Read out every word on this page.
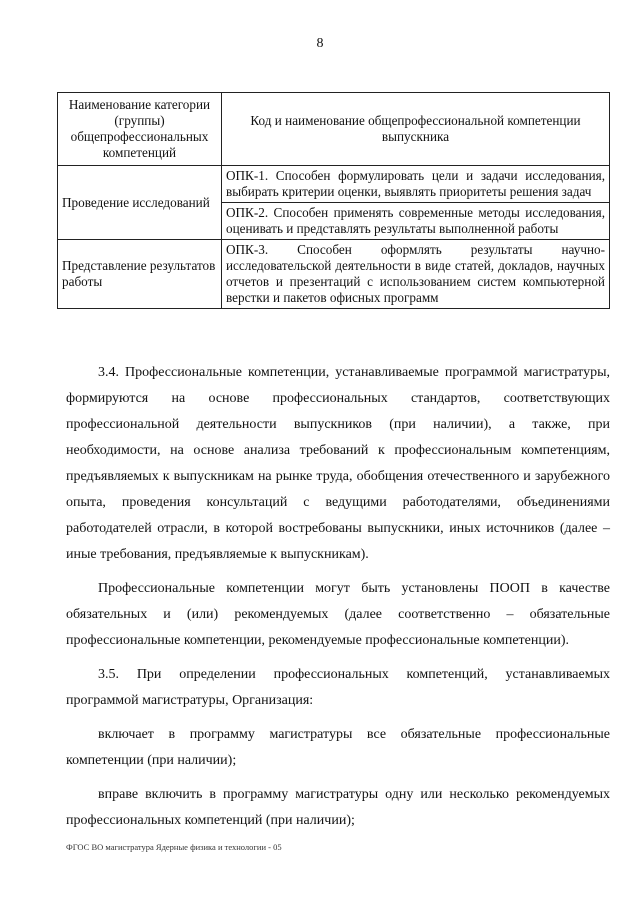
8
Наименование категории (группы) общепрофессиональных компетенций	Код и наименование общепрофессиональной компетенции выпускника
Проведение исследований	ОПК-1. Способен формулировать цели и задачи исследования, выбирать критерии оценки, выявлять приоритеты решения задач
	ОПК-2. Способен применять современные методы исследования, оценивать и представлять результаты выполненной работы
Представление результатов работы	ОПК-3. Способен оформлять результаты научно-исследовательской деятельности в виде статей, докладов, научных отчетов и презентаций с использованием систем компьютерной верстки и пакетов офисных программ

3.4. Профессиональные компетенции, устанавливаемые программой магистратуры, формируются на основе профессиональных стандартов, соответствующих профессиональной деятельности выпускников (при наличии), а также, при необходимости, на основе анализа требований к профессиональным компетенциям, предъявляемых к выпускникам на рынке труда, обобщения отечественного и зарубежного опыта, проведения консультаций с ведущими работодателями, объединениями работодателей отрасли, в которой востребованы выпускники, иных источников (далее – иные требования, предъявляемые к выпускникам).

Профессиональные компетенции могут быть установлены ПООП в качестве обязательных и (или) рекомендуемых (далее соответственно – обязательные профессиональные компетенции, рекомендуемые профессиональные компетенции).

3.5. При определении профессиональных компетенций, устанавливаемых программой магистратуры, Организация:

включает в программу магистратуры все обязательные профессиональные компетенции (при наличии);

вправе включить в программу магистратуры одну или несколько рекомендуемых профессиональных компетенций (при наличии);

ФГОС ВО магистратура Ядерные физика и технологии - 05
